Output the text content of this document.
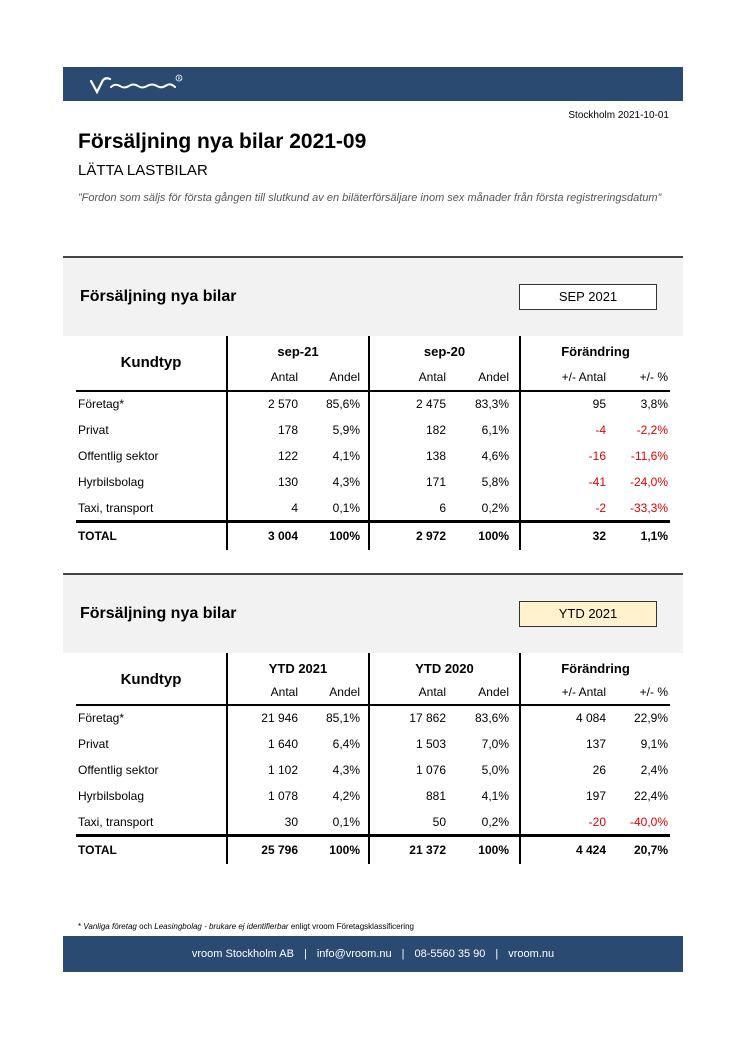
R
Stockholm 2021-10-01
Försäljning nya bilar 2021-09
LÄTTA LASTBILAR
”Fordon som säljs för första gången till slutkund av en biläterförsäljare inom sex månader från första registreringsdatum”
Försäljning nya bilar	SEP 2021
Kundtyp
sep-21	sep-20	Förändring
Antal	Andel	Antal	Andel	+/- Antal	+/- %
Företag*	2 570	85,6%	2 475	83,3%	95	3,8%
Privat	178	5,9%	182	6,1%	-4	-2,2%
Offentlig sektor	122	4,1%	138	4,6%	-16	-11,6%
Hyrbilsbolag	130	4,3%	171	5,8%	-41	-24,0%
Taxi, transport	4	0,1%	6	0,2%	-2	-33,3%
TOTAL	3 004	100%	2 972	100%	32	1,1%
Försäljning nya bilar	YTD 2021
Kundtyp
YTD 2021	YTD 2020	Förändring
Antal	Andel	Antal	Andel	+/- Antal	+/- %
Företag*	21 946	85,1%	17 862	83,6%	4 084	22,9%
Privat	1 640	6,4%	1 503	7,0%	137	9,1%
Offentlig sektor	1 102	4,3%	1 076	5,0%	26	2,4%
Hyrbilsbolag	1 078	4,2%	881	4,1%	197	22,4%
Taxi, transport	30	0,1%	50	0,2%	-20	-40,0%
TOTAL	25 796	100%	21 372	100%	4 424	20,7%
* Vanliga företag och Leasingbolag - brukare ej identifierbar enligt vroom Företagsklassificering
vroom Stockholm AB | info@vroom.nu | 08-5560 35 90 | vroom.nu
